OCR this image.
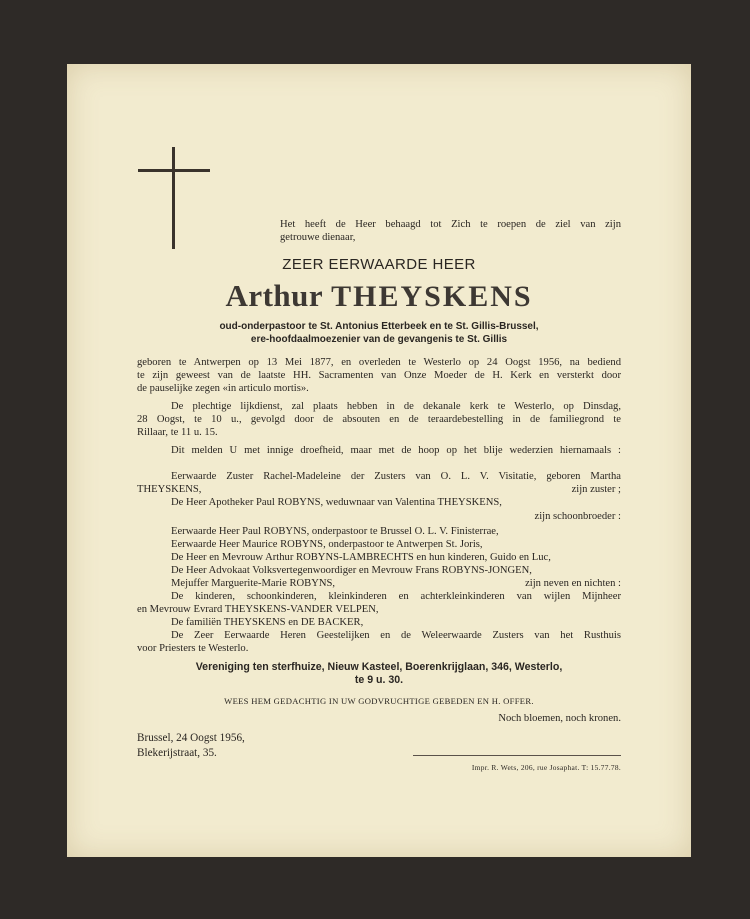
Het heeft de Heer behaagd tot Zich te roepen de ziel van zijn
getrouwe dienaar,
ZEER EERWAARDE HEER
Arthur THEYSKENS
oud-onderpastoor te St. Antonius Etterbeek en te St. Gillis-Brussel,
ere-hoofdaalmoezenier van de gevangenis te St. Gillis
geboren te Antwerpen op 13 Mei 1877, en overleden te Westerlo op 24 Oogst 1956, na bediend
te zijn geweest van de laatste HH. Sacramenten van Onze Moeder de H. Kerk en versterkt door
de pauselijke zegen «in articulo mortis».
De plechtige lijkdienst, zal plaats hebben in de dekanale kerk te Westerlo, op Dinsdag,
28 Oogst, te 10 u., gevolgd door de absouten en de teraardebestelling in de familiegrond te
Rillaar, te 11 u. 15.
Dit melden U met innige droefheid, maar met de hoop op het blije wederzien hiernamaals :
Eerwaarde Zuster Rachel-Madeleine der Zusters van O. L. V. Visitatie, geboren Martha
THEYSKENS,	zijn zuster ;
De Heer Apotheker Paul ROBYNS, weduwnaar van Valentina THEYSKENS,
zijn schoonbroeder :
Eerwaarde Heer Paul ROBYNS, onderpastoor te Brussel O. L. V. Finisterrae,
Eerwaarde Heer Maurice ROBYNS, onderpastoor te Antwerpen St. Joris,
De Heer en Mevrouw Arthur ROBYNS-LAMBRECHTS en hun kinderen, Guido en Luc,
De Heer Advokaat Volksvertegenwoordiger en Mevrouw Frans ROBYNS-JONGEN,
Mejuffer Marguerite-Marie ROBYNS,	zijn neven en nichten :
De kinderen, schoonkinderen, kleinkinderen en achterkleinkinderen van wijlen Mijnheer
en Mevrouw Evrard THEYSKENS-VANDER VELPEN,
De familiën THEYSKENS en DE BACKER,
De Zeer Eerwaarde Heren Geestelijken en de Weleerwaarde Zusters van het Rusthuis
voor Priesters te Westerlo.
Vereniging ten sterfhuize, Nieuw Kasteel, Boerenkrijglaan, 346, Westerlo,
te 9 u. 30.
WEES HEM GEDACHTIG IN UW GODVRUCHTIGE GEBEDEN EN H. OFFER.
Noch bloemen, noch kronen.
Brussel, 24 Oogst 1956,
Blekerijstraat, 35.
Impr. R. Wets, 206, rue Josaphat. T: 15.77.78.
